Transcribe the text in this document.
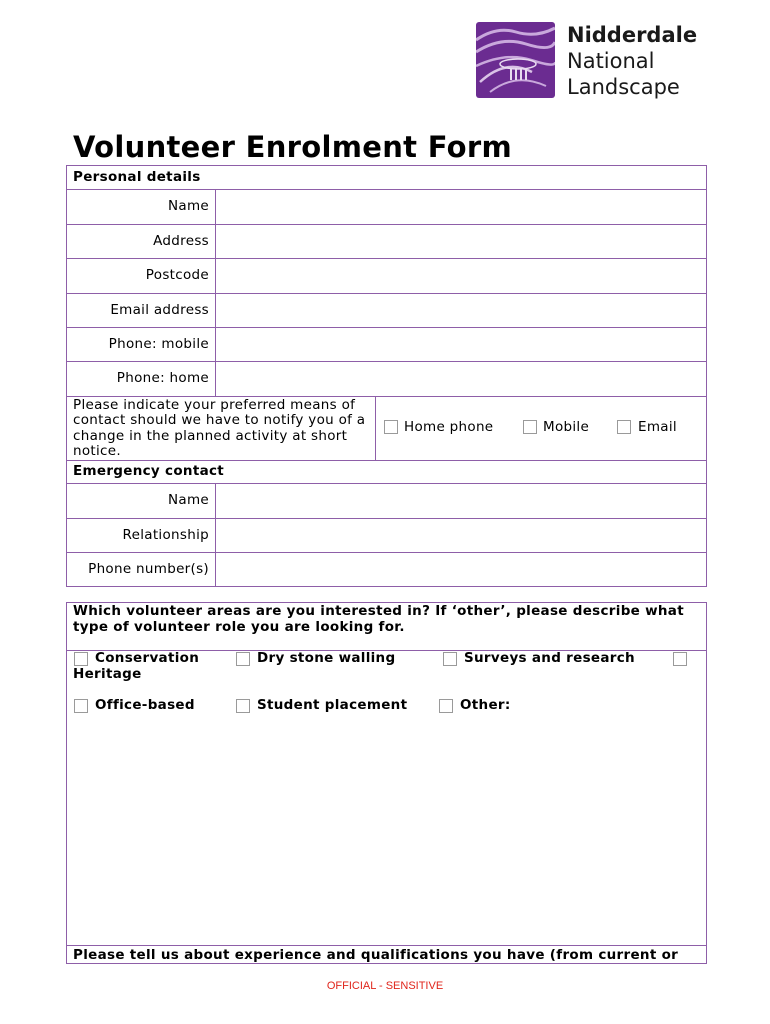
Nidderdale
National
Landscape
Volunteer Enrolment Form
Personal details
Name
Address
Postcode
Email address
Phone: mobile
Phone: home
Please indicate your preferred means of
contact should we have to notify you of a
change in the planned activity at short
notice.
Home phone	Mobile	Email
Emergency contact
Name
Relationship
Phone number(s)
Which volunteer areas are you interested in? If ‘other’, please describe what
type of volunteer role you are looking for.
Conservation
Heritage
Dry stone walling	Surveys and research
Office-based	Student placement	Other:
Please tell us about experience and qualifications you have (from current or
OFFICIAL - SENSITIVE
